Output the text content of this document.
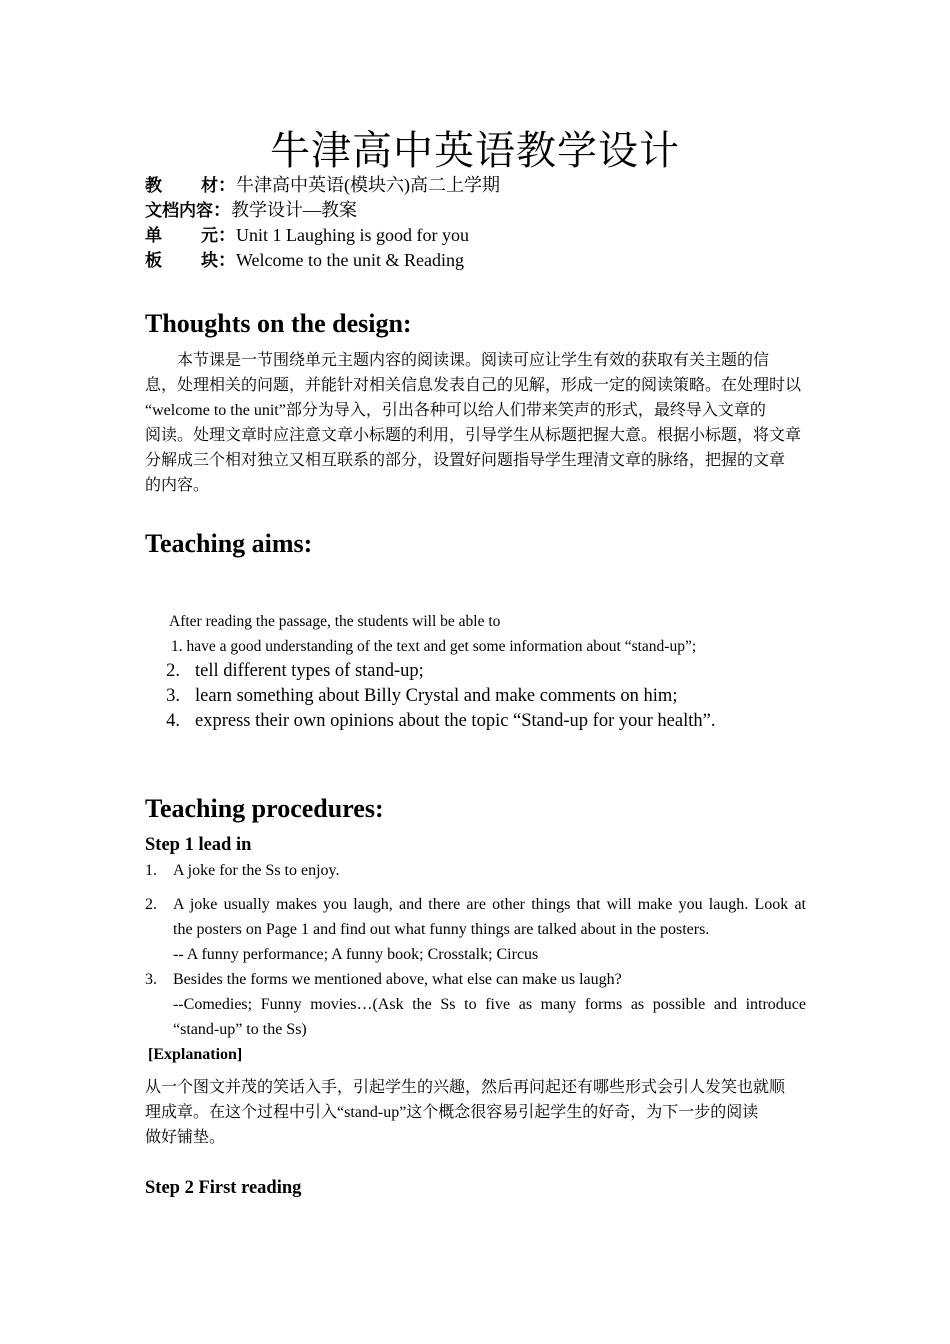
牛津高中英语教学设计
教 材 ：牛津高中英语(模块六)高二上学期
文档内容：教学设计—教案
单 元 ：Unit 1 Laughing is good for you
板 块 ：Welcome to the unit & Reading
Thoughts on the design:
　　本节课是一节围绕单元主题内容的阅读课。阅读可应让学生有效的获取有关主题的信
息，处理相关的问题，并能针对相关信息发表自己的见解，形成一定的阅读策略。在处理时以
“welcome to the unit”部分为导入，引出各种可以给人们带来笑声的形式，最终导入文章的
阅读。处理文章时应注意文章小标题的利用，引导学生从标题把握大意。根据小标题，将文章
分解成三个相对独立又相互联系的部分，设置好问题指导学生理清文章的脉络，把握的文章
的内容。
Teaching aims:
After reading the passage, the students will be able to
1. have a good understanding of the text and get some information about “stand-up”;
2. tell different types of stand-up;
3. learn something about Billy Crystal and make comments on him;
4. express their own opinions about the topic “Stand-up for your health”.
Teaching procedures:
Step 1 lead in
1. A joke for the Ss to enjoy.
2. A joke usually makes you laugh, and there are other things that will make you laugh. Look at
the posters on Page 1 and find out what funny things are talked about in the posters.
-- A funny performance; A funny book; Crosstalk; Circus
3. Besides the forms we mentioned above, what else can make us laugh?
--Comedies; Funny movies…(Ask the Ss to five as many forms as possible and introduce
“stand-up” to the Ss)
[Explanation]
从一个图文并茂的笑话入手，引起学生的兴趣，然后再问起还有哪些形式会引人发笑也就顺
理成章。在这个过程中引入“stand-up”这个概念很容易引起学生的好奇，为下一步的阅读
做好铺垫。
Step 2 First reading
